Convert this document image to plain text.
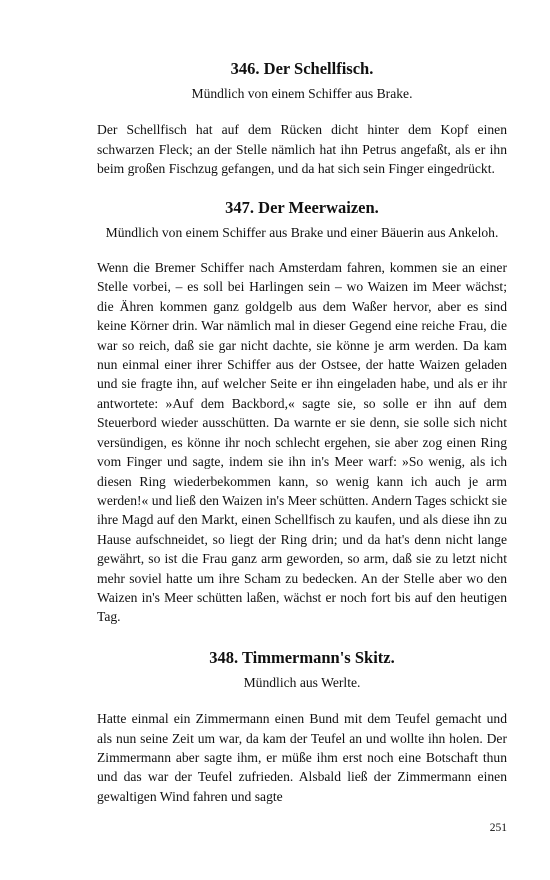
346. Der Schellfisch.

Mündlich von einem Schiffer aus Brake.

Der Schellfisch hat auf dem Rücken dicht hinter dem Kopf einen schwarzen Fleck; an der Stelle nämlich hat ihn Petrus angefaßt, als er ihn beim großen Fischzug gefangen, und da hat sich sein Finger eingedrückt.

347. Der Meerwaizen.

Mündlich von einem Schiffer aus Brake und einer Bäuerin aus Ankeloh.

Wenn die Bremer Schiffer nach Amsterdam fahren, kommen sie an einer Stelle vorbei, – es soll bei Harlingen sein – wo Waizen im Meer wächst; die Ähren kommen ganz goldgelb aus dem Waßer hervor, aber es sind keine Körner drin. War nämlich mal in dieser Gegend eine reiche Frau, die war so reich, daß sie gar nicht dachte, sie könne je arm werden. Da kam nun einmal einer ihrer Schiffer aus der Ostsee, der hatte Waizen geladen und sie fragte ihn, auf welcher Seite er ihn eingeladen habe, und als er ihr antwortete: »Auf dem Backbord,« sagte sie, so solle er ihn auf dem Steuerbord wieder ausschütten. Da warnte er sie denn, sie solle sich nicht versündigen, es könne ihr noch schlecht ergehen, sie aber zog einen Ring vom Finger und sagte, indem sie ihn in's Meer warf: »So wenig, als ich diesen Ring wiederbekommen kann, so wenig kann ich auch je arm werden!« und ließ den Waizen in's Meer schütten. Andern Tages schickt sie ihre Magd auf den Markt, einen Schellfisch zu kaufen, und als diese ihn zu Hause aufschneidet, so liegt der Ring drin; und da hat's denn nicht lange gewährt, so ist die Frau ganz arm geworden, so arm, daß sie zu letzt nicht mehr soviel hatte um ihre Scham zu bedecken. An der Stelle aber wo den Waizen in's Meer schütten laßen, wächst er noch fort bis auf den heutigen Tag.

348. Timmermann's Skitz.

Mündlich aus Werlte.

Hatte einmal ein Zimmermann einen Bund mit dem Teufel gemacht und als nun seine Zeit um war, da kam der Teufel an und wollte ihn holen. Der Zimmermann aber sagte ihm, er müße ihm erst noch eine Botschaft thun und das war der Teufel zufrieden. Alsbald ließ der Zimmermann einen gewaltigen Wind fahren und sagte

251
